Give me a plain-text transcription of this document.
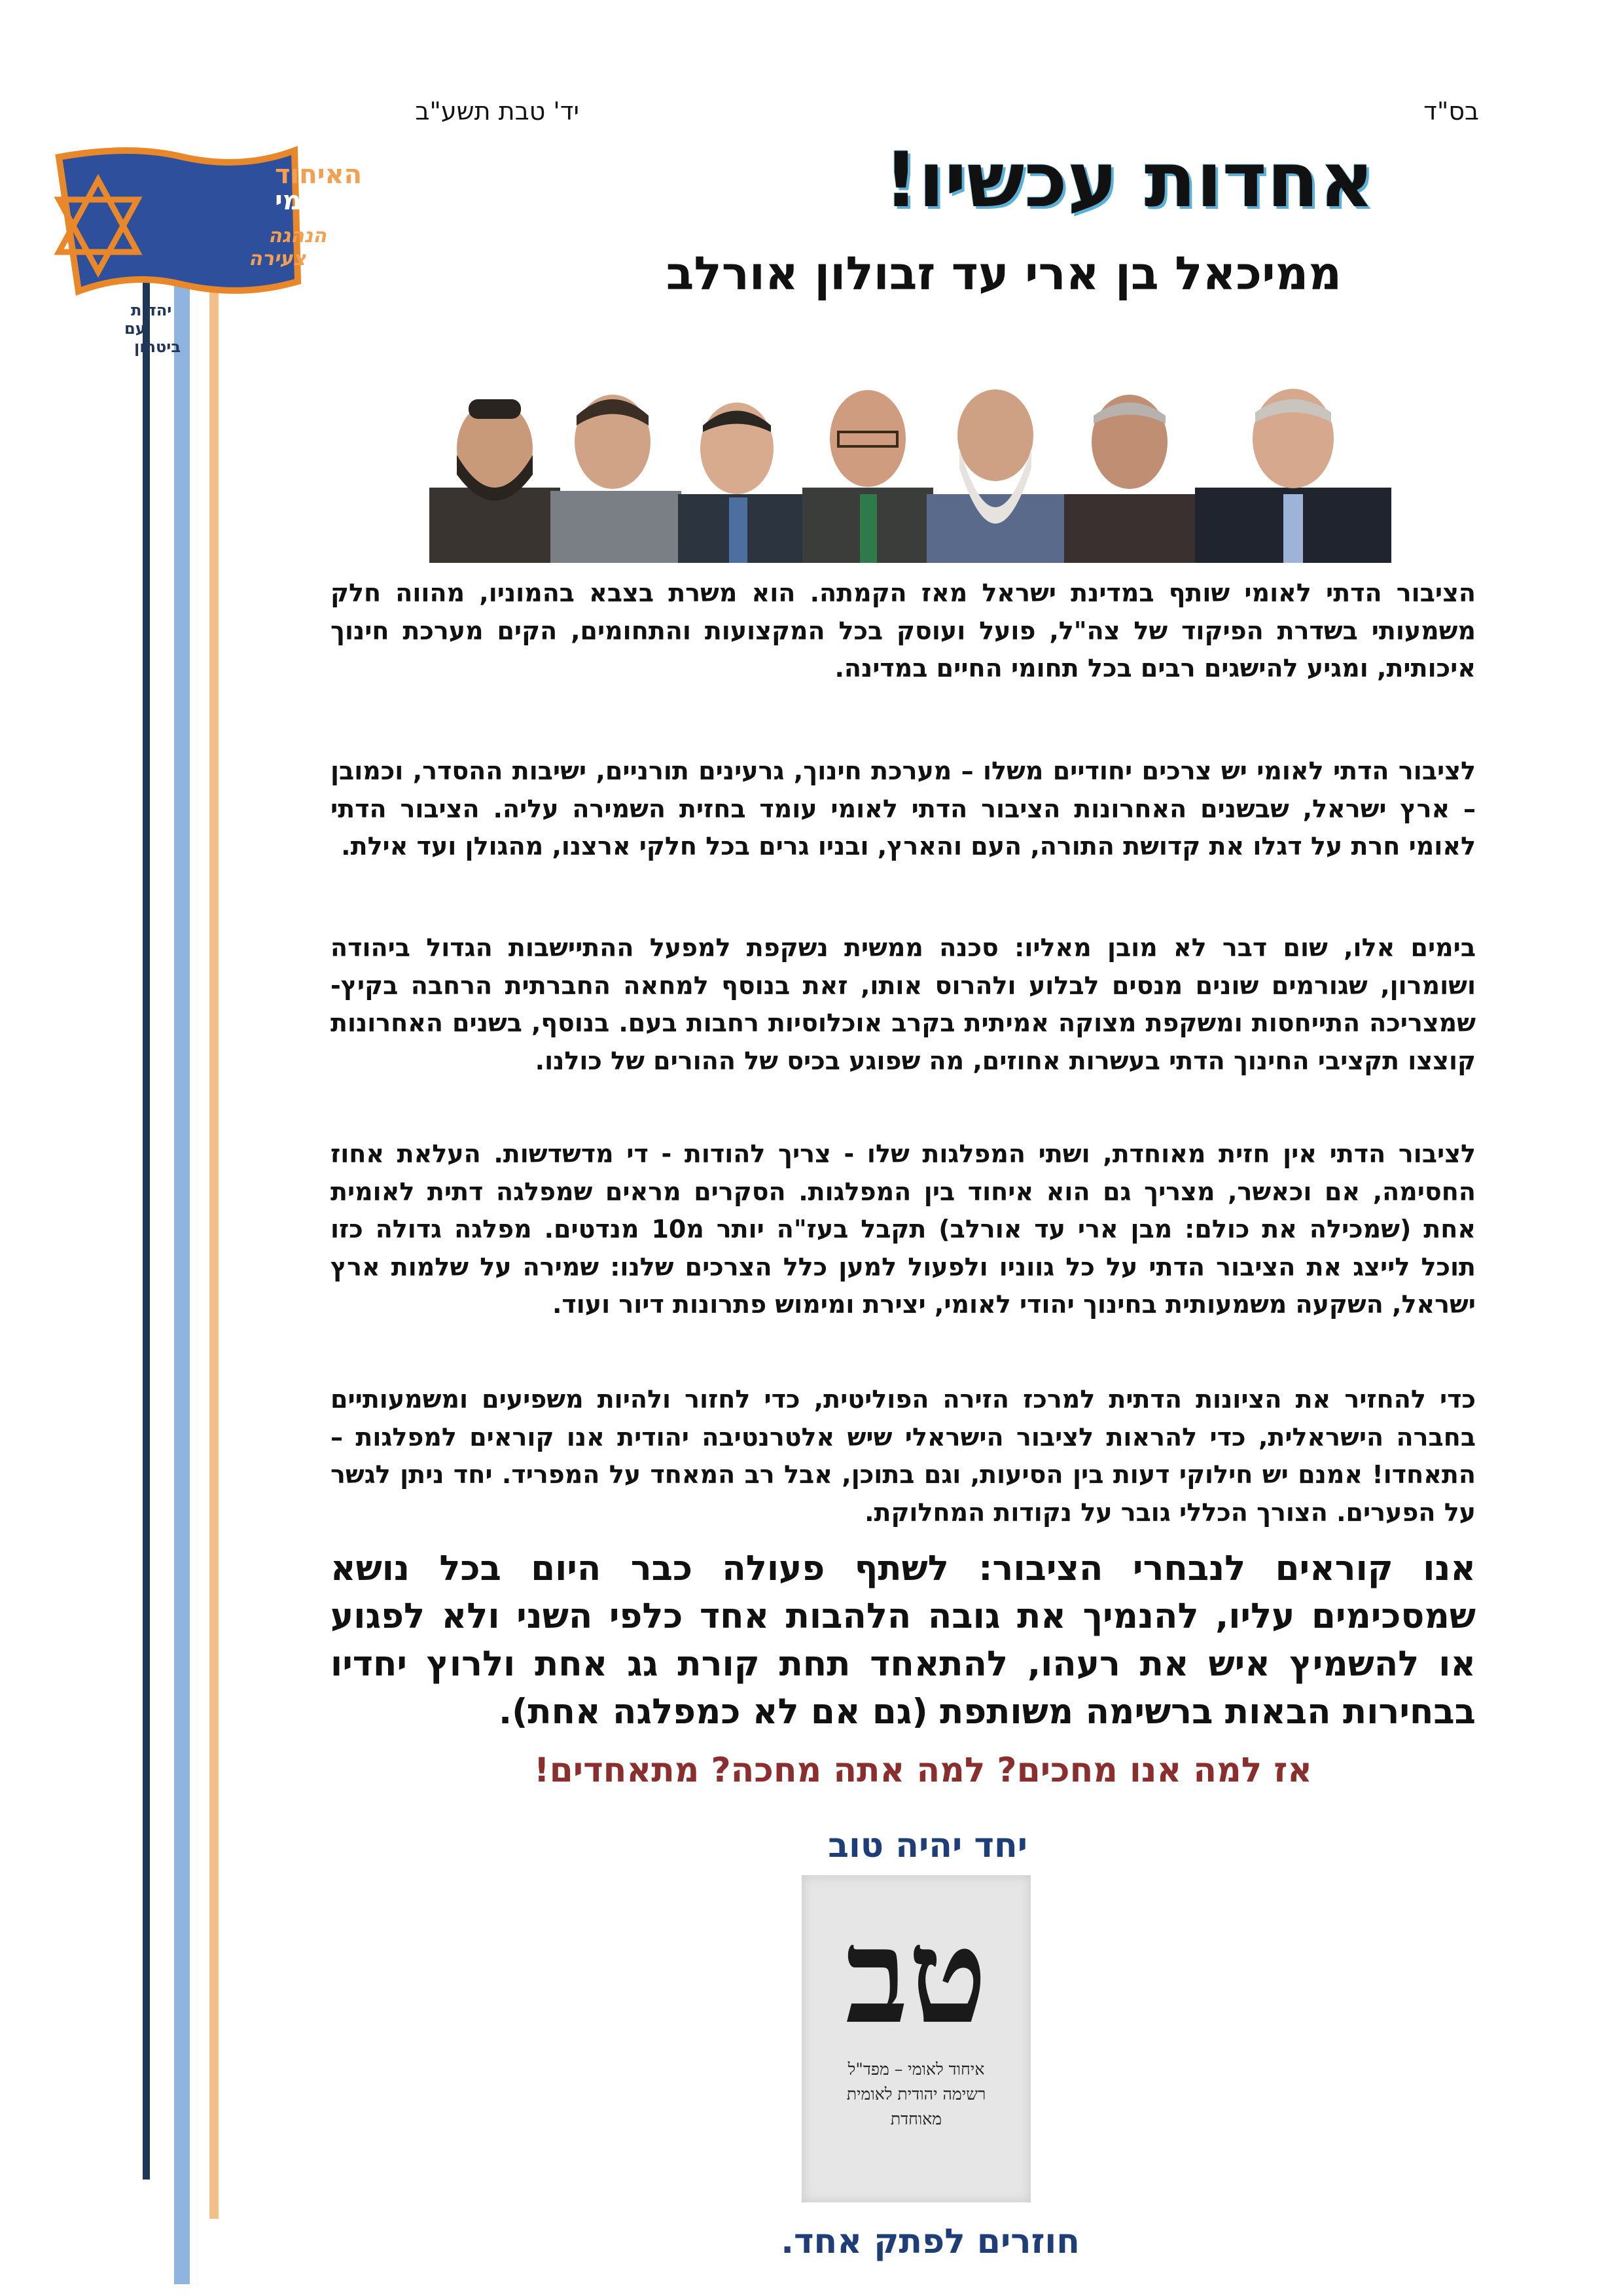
האיחוד
הלאומי
הנהגה
צעירה
יהדות
עם
ביטחון
בס"ד
יד' טבת תשע"ב
אחדות עכשיו!
ממיכאל בן ארי עד זבולון אורלב

הציבור הדתי לאומי שותף במדינת ישראל מאז הקמתה. הוא משרת בצבא בהמוניו, מהווה חלק משמעותי בשדרת הפיקוד של צה"ל, פועל ועוסק בכל המקצועות והתחומים, הקים מערכת חינוך איכותית, ומגיע להישגים רבים בכל תחומי החיים במדינה.

לציבור הדתי לאומי יש צרכים יחודיים משלו – מערכת חינוך, גרעינים תורניים, ישיבות ההסדר, וכמובן – ארץ ישראל, שבשנים האחרונות הציבור הדתי לאומי עומד בחזית השמירה עליה. הציבור הדתי לאומי חרת על דגלו את קדושת התורה, העם והארץ, ובניו גרים בכל חלקי ארצנו, מהגולן ועד אילת.

בימים אלו, שום דבר לא מובן מאליו: סכנה ממשית נשקפת למפעל ההתיישבות הגדול ביהודה ושומרון, שגורמים שונים מנסים לבלוע ולהרוס אותו, זאת בנוסף למחאה החברתית הרחבה בקיץ- שמצריכה התייחסות ומשקפת מצוקה אמיתית בקרב אוכלוסיות רחבות בעם. בנוסף, בשנים האחרונות קוצצו תקציבי החינוך הדתי בעשרות אחוזים, מה שפוגע בכיס של ההורים של כולנו.

לציבור הדתי אין חזית מאוחדת, ושתי המפלגות שלו - צריך להודות - די מדשדשות. העלאת אחוז החסימה, אם וכאשר, מצריך גם הוא איחוד בין המפלגות. הסקרים מראים שמפלגה דתית לאומית אחת (שמכילה את כולם: מבן ארי עד אורלב) תקבל בעז"ה יותר מ10 מנדטים. מפלגה גדולה כזו תוכל לייצג את הציבור הדתי על כל גווניו ולפעול למען כלל הצרכים שלנו: שמירה על שלמות ארץ ישראל, השקעה משמעותית בחינוך יהודי לאומי, יצירת ומימוש פתרונות דיור ועוד.

כדי להחזיר את הציונות הדתית למרכז הזירה הפוליטית, כדי לחזור ולהיות משפיעים ומשמעותיים בחברה הישראלית, כדי להראות לציבור הישראלי שיש אלטרנטיבה יהודית אנו קוראים למפלגות – התאחדו! אמנם יש חילוקי דעות בין הסיעות, וגם בתוכן, אבל רב המאחד על המפריד. יחד ניתן לגשר על הפערים. הצורך הכללי גובר על נקודות המחלוקת.

אנו קוראים לנבחרי הציבור: לשתף פעולה כבר היום בכל נושא שמסכימים עליו, להנמיך את גובה הלהבות אחד כלפי השני ולא לפגוע או להשמיץ איש את רעהו, להתאחד תחת קורת גג אחת ולרוץ יחדיו בבחירות הבאות ברשימה משותפת (גם אם לא כמפלגה אחת).

אז למה אנו מחכים? למה אתה מחכה? מתאחדים!
יחד יהיה טוב
טב
איחוד לאומי – מפד"ל
רשימה יהודית לאומית
מאוחדת
חוזרים לפתק אחד.
